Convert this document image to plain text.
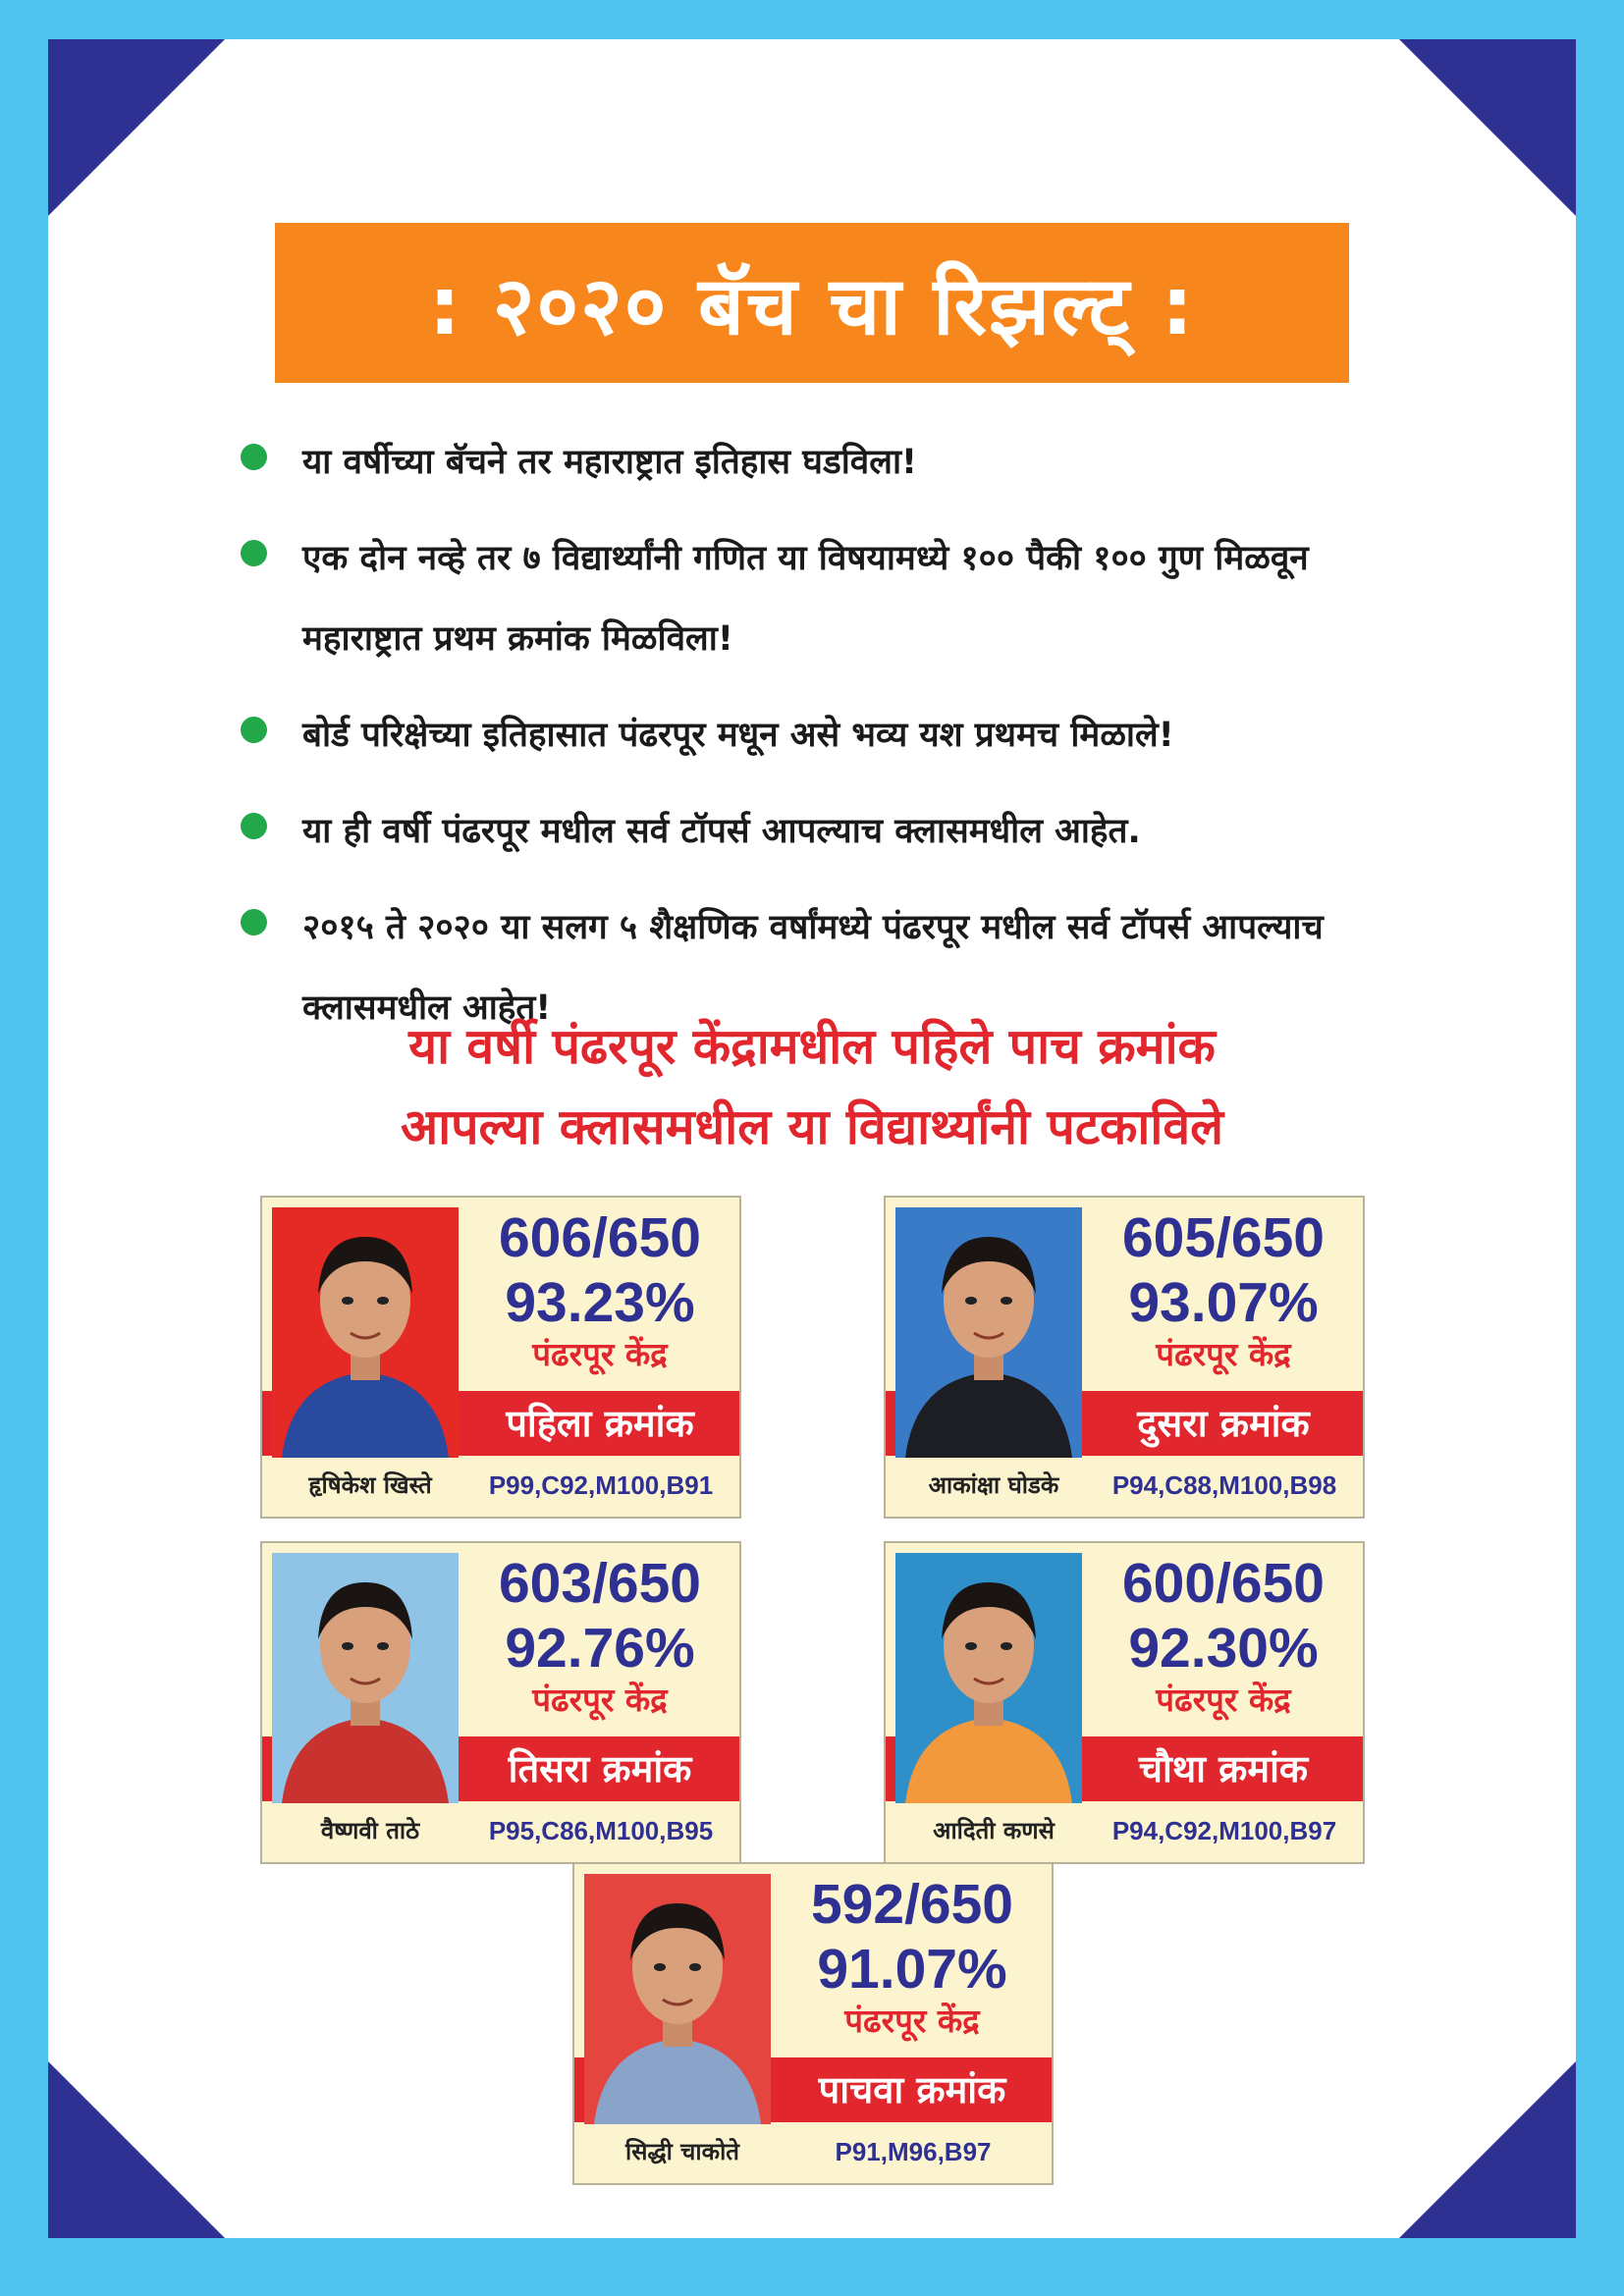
: २०२० बॅच चा रिझल्ट् :
या वर्षीच्या बॅचने तर महाराष्ट्रात इतिहास घडविला!
एक दोन नव्हे तर ७ विद्यार्थ्यांनी गणित या विषयामध्ये १०० पैकी १०० गुण मिळवून महाराष्ट्रात प्रथम क्रमांक मिळविला!
बोर्ड परिक्षेच्या इतिहासात पंढरपूर मधून असे भव्य यश प्रथमच मिळाले!
या ही वर्षी पंढरपूर मधील सर्व टॉपर्स आपल्याच क्लासमधील आहेत.
२०१५ ते २०२० या सलग ५ शैक्षणिक वर्षांमध्ये पंढरपूर मधील सर्व टॉपर्स आपल्याच क्लासमधील आहेत!
या वर्षी पंढरपूर केंद्रामधील पहिले पाच क्रमांक
आपल्या क्लासमधील या विद्यार्थ्यांनी पटकाविले
606/650
93.23%
पंढरपूर केंद्र
पहिला क्रमांक
हृषिकेश खिस्ते	P99,C92,M100,B91
605/650
93.07%
पंढरपूर केंद्र
दुसरा क्रमांक
आकांक्षा घोडके	P94,C88,M100,B98
603/650
92.76%
पंढरपूर केंद्र
तिसरा क्रमांक
वैष्णवी ताठे	P95,C86,M100,B95
600/650
92.30%
पंढरपूर केंद्र
चौथा क्रमांक
आदिती कणसे	P94,C92,M100,B97
592/650
91.07%
पंढरपूर केंद्र
पाचवा क्रमांक
सिद्धी चाकोते	P91,M96,B97
